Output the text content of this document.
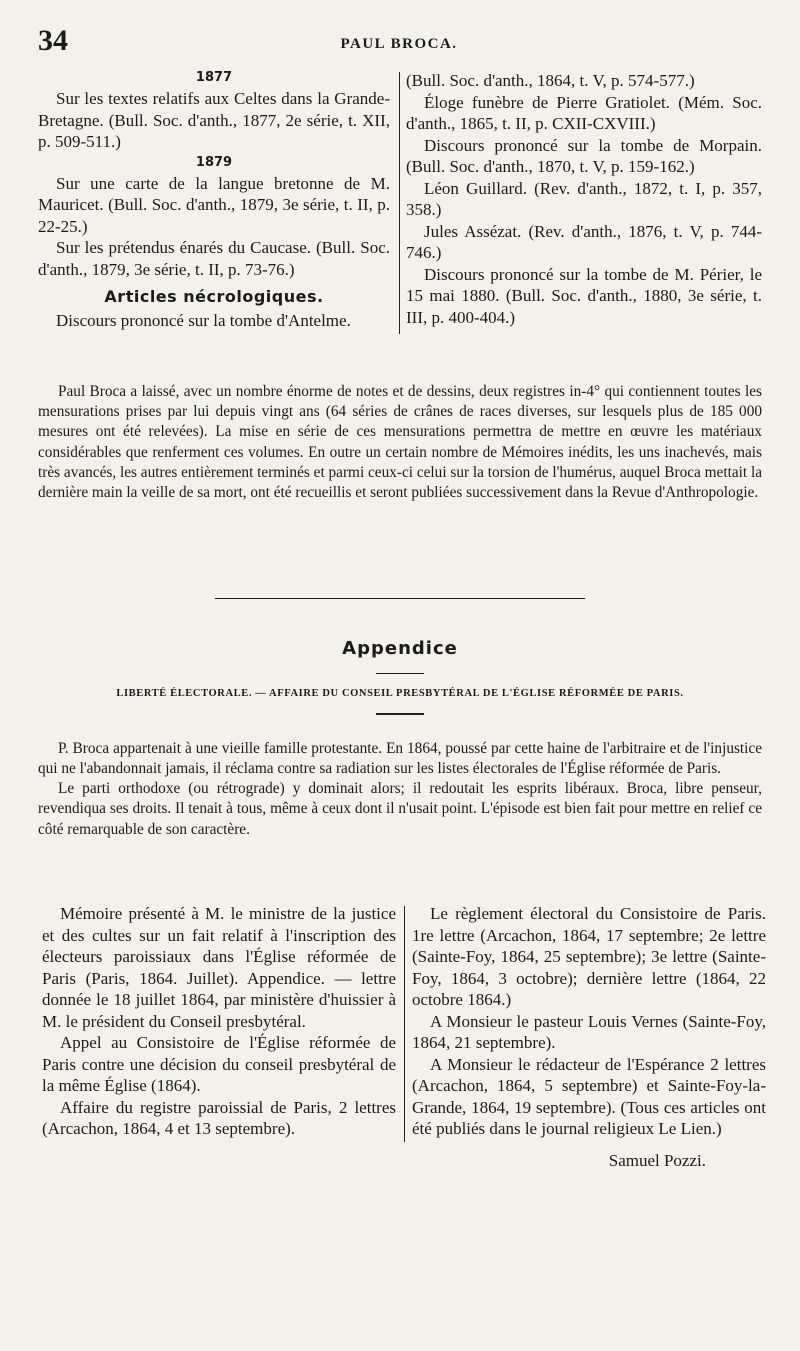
34	PAUL BROCA.
1877

Sur les textes relatifs aux Celtes dans la Grande-Bretagne. (Bull. Soc. d'anth., 1877, 2e série, t. XII, p. 509-511.)

1879

Sur une carte de la langue bretonne de M. Mauricet. (Bull. Soc. d'anth., 1879, 3e série, t. II, p. 22-25.)

Sur les prétendus énarés du Caucase. (Bull. Soc. d'anth., 1879, 3e série, t. II, p. 73-76.)

Articles nécrologiques.

Discours prononcé sur la tombe d'Antelme.

(Bull. Soc. d'anth., 1864, t. V, p. 574-577.)

Éloge funèbre de Pierre Gratiolet. (Mém. Soc. d'anth., 1865, t. II, p. CXII-CXVIII.)

Discours prononcé sur la tombe de Morpain. (Bull. Soc. d'anth., 1870, t. V, p. 159-162.)

Léon Guillard. (Rev. d'anth., 1872, t. I, p. 357, 358.)

Jules Assézat. (Rev. d'anth., 1876, t. V, p. 744-746.)

Discours prononcé sur la tombe de M. Périer, le 15 mai 1880. (Bull. Soc. d'anth., 1880, 3e série, t. III, p. 400-404.)

Paul Broca a laissé, avec un nombre énorme de notes et de dessins, deux registres in-4° qui contiennent toutes les mensurations prises par lui depuis vingt ans (64 séries de crânes de races diverses, sur lesquels plus de 185 000 mesures ont été relevées). La mise en série de ces mensurations permettra de mettre en œuvre les matériaux considérables que renferment ces volumes. En outre un certain nombre de Mémoires inédits, les uns inachevés, mais très avancés, les autres entièrement terminés et parmi ceux-ci celui sur la torsion de l'humérus, auquel Broca mettait la dernière main la veille de sa mort, ont été recueillis et seront publiées successivement dans la Revue d'Anthropologie.

Appendice
LIBERTÉ ÉLECTORALE. — AFFAIRE DU CONSEIL PRESBYTÉRAL DE L'ÉGLISE RÉFORMÉE DE PARIS.

P. Broca appartenait à une vieille famille protestante. En 1864, poussé par cette haine de l'arbitraire et de l'injustice qui ne l'abandonnait jamais, il réclama contre sa radiation sur les listes électorales de l'Église réformée de Paris.

Le parti orthodoxe (ou rétrograde) y dominait alors; il redoutait les esprits libéraux. Broca, libre penseur, revendiqua ses droits. Il tenait à tous, même à ceux dont il n'usait point. L'épisode est bien fait pour mettre en relief ce côté remarquable de son caractère.

Mémoire présenté à M. le ministre de la justice et des cultes sur un fait relatif à l'inscription des électeurs paroissiaux dans l'Église réformée de Paris (Paris, 1864. Juillet). Appendice. — lettre donnée le 18 juillet 1864, par ministère d'huissier à M. le président du Conseil presbytéral.

Appel au Consistoire de l'Église réformée de Paris contre une décision du conseil presbytéral de la même Église (1864).

Affaire du registre paroissial de Paris, 2 lettres (Arcachon, 1864, 4 et 13 septembre).

Le règlement électoral du Consistoire de Paris. 1re lettre (Arcachon, 1864, 17 septembre; 2e lettre (Sainte-Foy, 1864, 25 septembre); 3e lettre (Sainte-Foy, 1864, 3 octobre); dernière lettre (1864, 22 octobre 1864.)

A Monsieur le pasteur Louis Vernes (Sainte-Foy, 1864, 21 septembre).

A Monsieur le rédacteur de l'Espérance 2 lettres (Arcachon, 1864, 5 septembre) et Sainte-Foy-la-Grande, 1864, 19 septembre). (Tous ces articles ont été publiés dans le journal religieux Le Lien.)

Samuel Pozzi.
